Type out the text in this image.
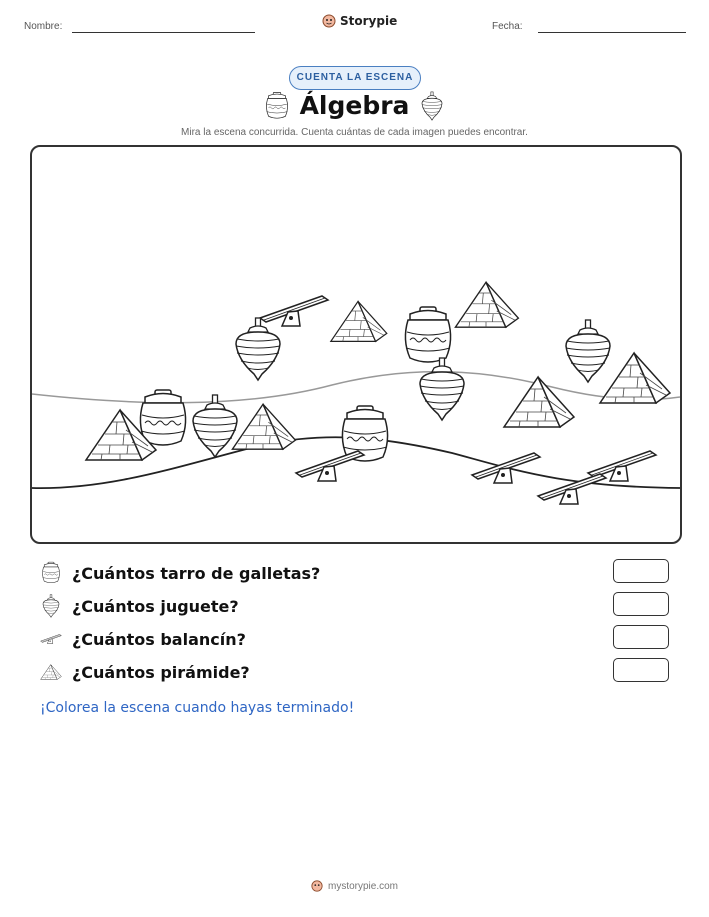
Nombre:	Storypie	Fecha:
CUENTA LA ESCENA
Álgebra
Mira la escena concurrida. Cuenta cuántas de cada imagen puedes encontrar.
¿Cuántos tarro de galletas?
¿Cuántos juguete?
¿Cuántos balancín?
¿Cuántos pirámide?
¡Colorea la escena cuando hayas terminado!
mystorypie.com
